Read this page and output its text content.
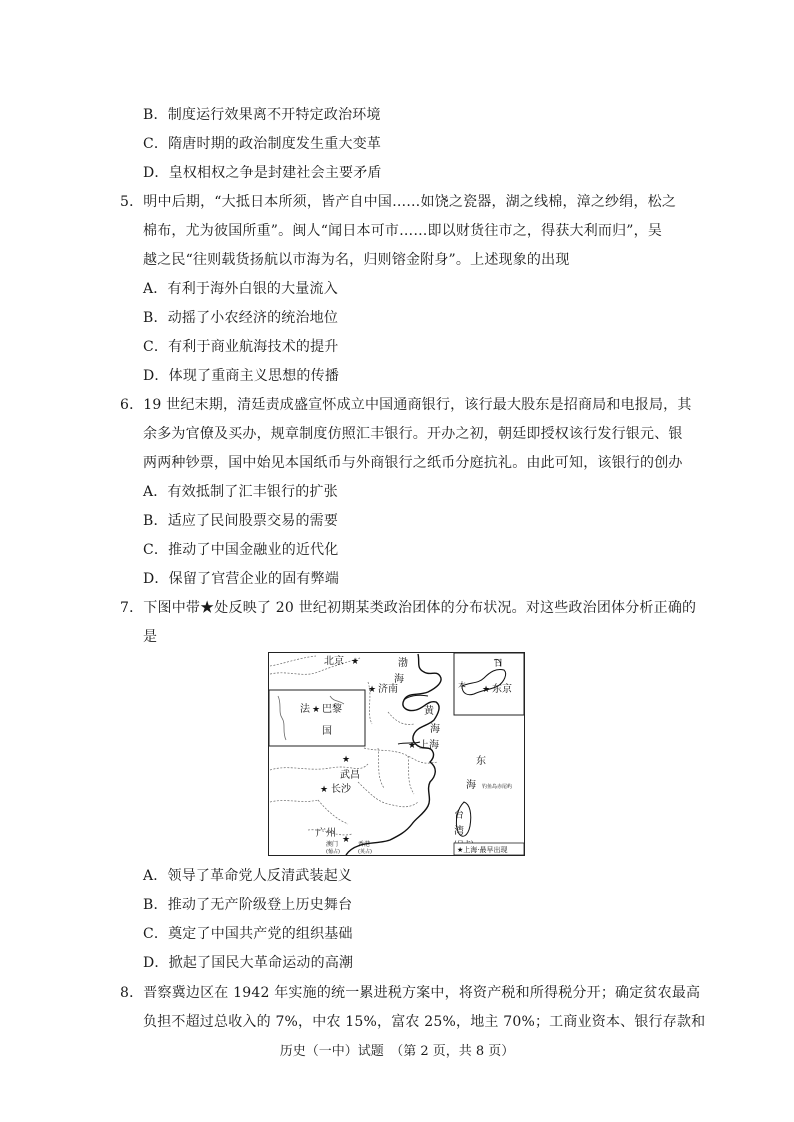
B．制度运行效果离不开特定政治环境
C．隋唐时期的政治制度发生重大变革
D．皇权相权之争是封建社会主要矛盾
5．明中后期，“大抵日本所须，皆产自中国……如饶之瓷器，湖之线棉，漳之纱绢，松之
棉布，尤为彼国所重”。闽人“闻日本可市……即以财货往市之，得获大利而归”，吴
越之民“往则载货扬航以市海为名，归则镕金附身”。上述现象的出现
A．有利于海外白银的大量流入
B．动摇了小农经济的统治地位
C．有利于商业航海技术的提升
D．体现了重商主义思想的传播
6．19 世纪末期，清廷责成盛宣怀成立中国通商银行，该行最大股东是招商局和电报局，其
余多为官僚及买办，规章制度仿照汇丰银行。开办之初，朝廷即授权该行发行银元、银
两两种钞票，国中始见本国纸币与外商银行之纸币分庭抗礼。由此可知，该银行的创办
A．有效抵制了汇丰银行的扩张
B．适应了民间股票交易的需要
C．推动了中国金融业的近代化
D．保留了官营企业的固有弊端
7．下图中带★处反映了 20 世纪初期某类政治团体的分布状况。对这些政治团体分析正确的
是
北京 ★	渤
海
★ 济南
黄
海
★ 上海
东
海
★
武昌
★ 长沙
广州
★
台
湾
法 ★ 巴黎
国
日
本 ★ 东京
澳门
(葡占)
香港
(英占)
钓鱼岛赤尾屿
★上海·最早出现
A．领导了革命党人反清武装起义
B．推动了无产阶级登上历史舞台
C．奠定了中国共产党的组织基础
D．掀起了国民大革命运动的高潮
8．晋察冀边区在 1942 年实施的统一累进税方案中，将资产税和所得税分开；确定贫农最高
负担不超过总收入的 7%，中农 15%，富农 25%，地主 70%；工商业资本、银行存款和
历史（一中）试题　（第 2 页，共 8 页）
